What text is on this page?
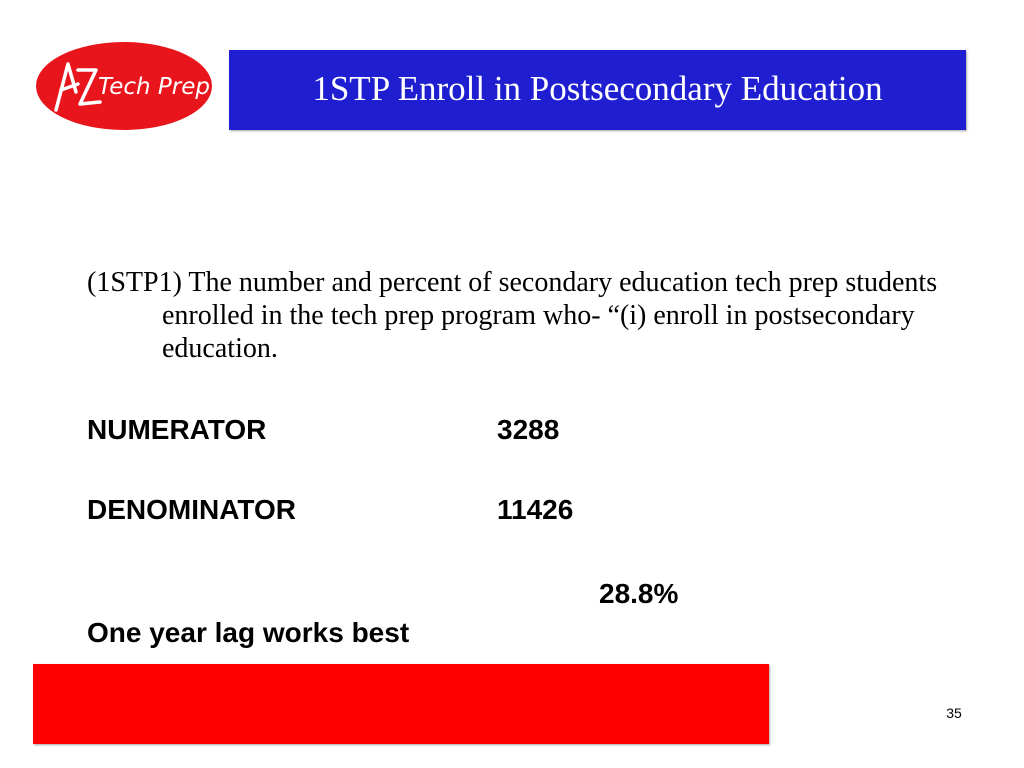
Tech Prep	1STP Enroll in Postsecondary Education
(1STP1) The number and percent of secondary education tech prep students enrolled in the tech prep program who- “(i) enroll in postsecondary education.
NUMERATOR	3288
DENOMINATOR	11426
28.8%
One year lag works best
35
